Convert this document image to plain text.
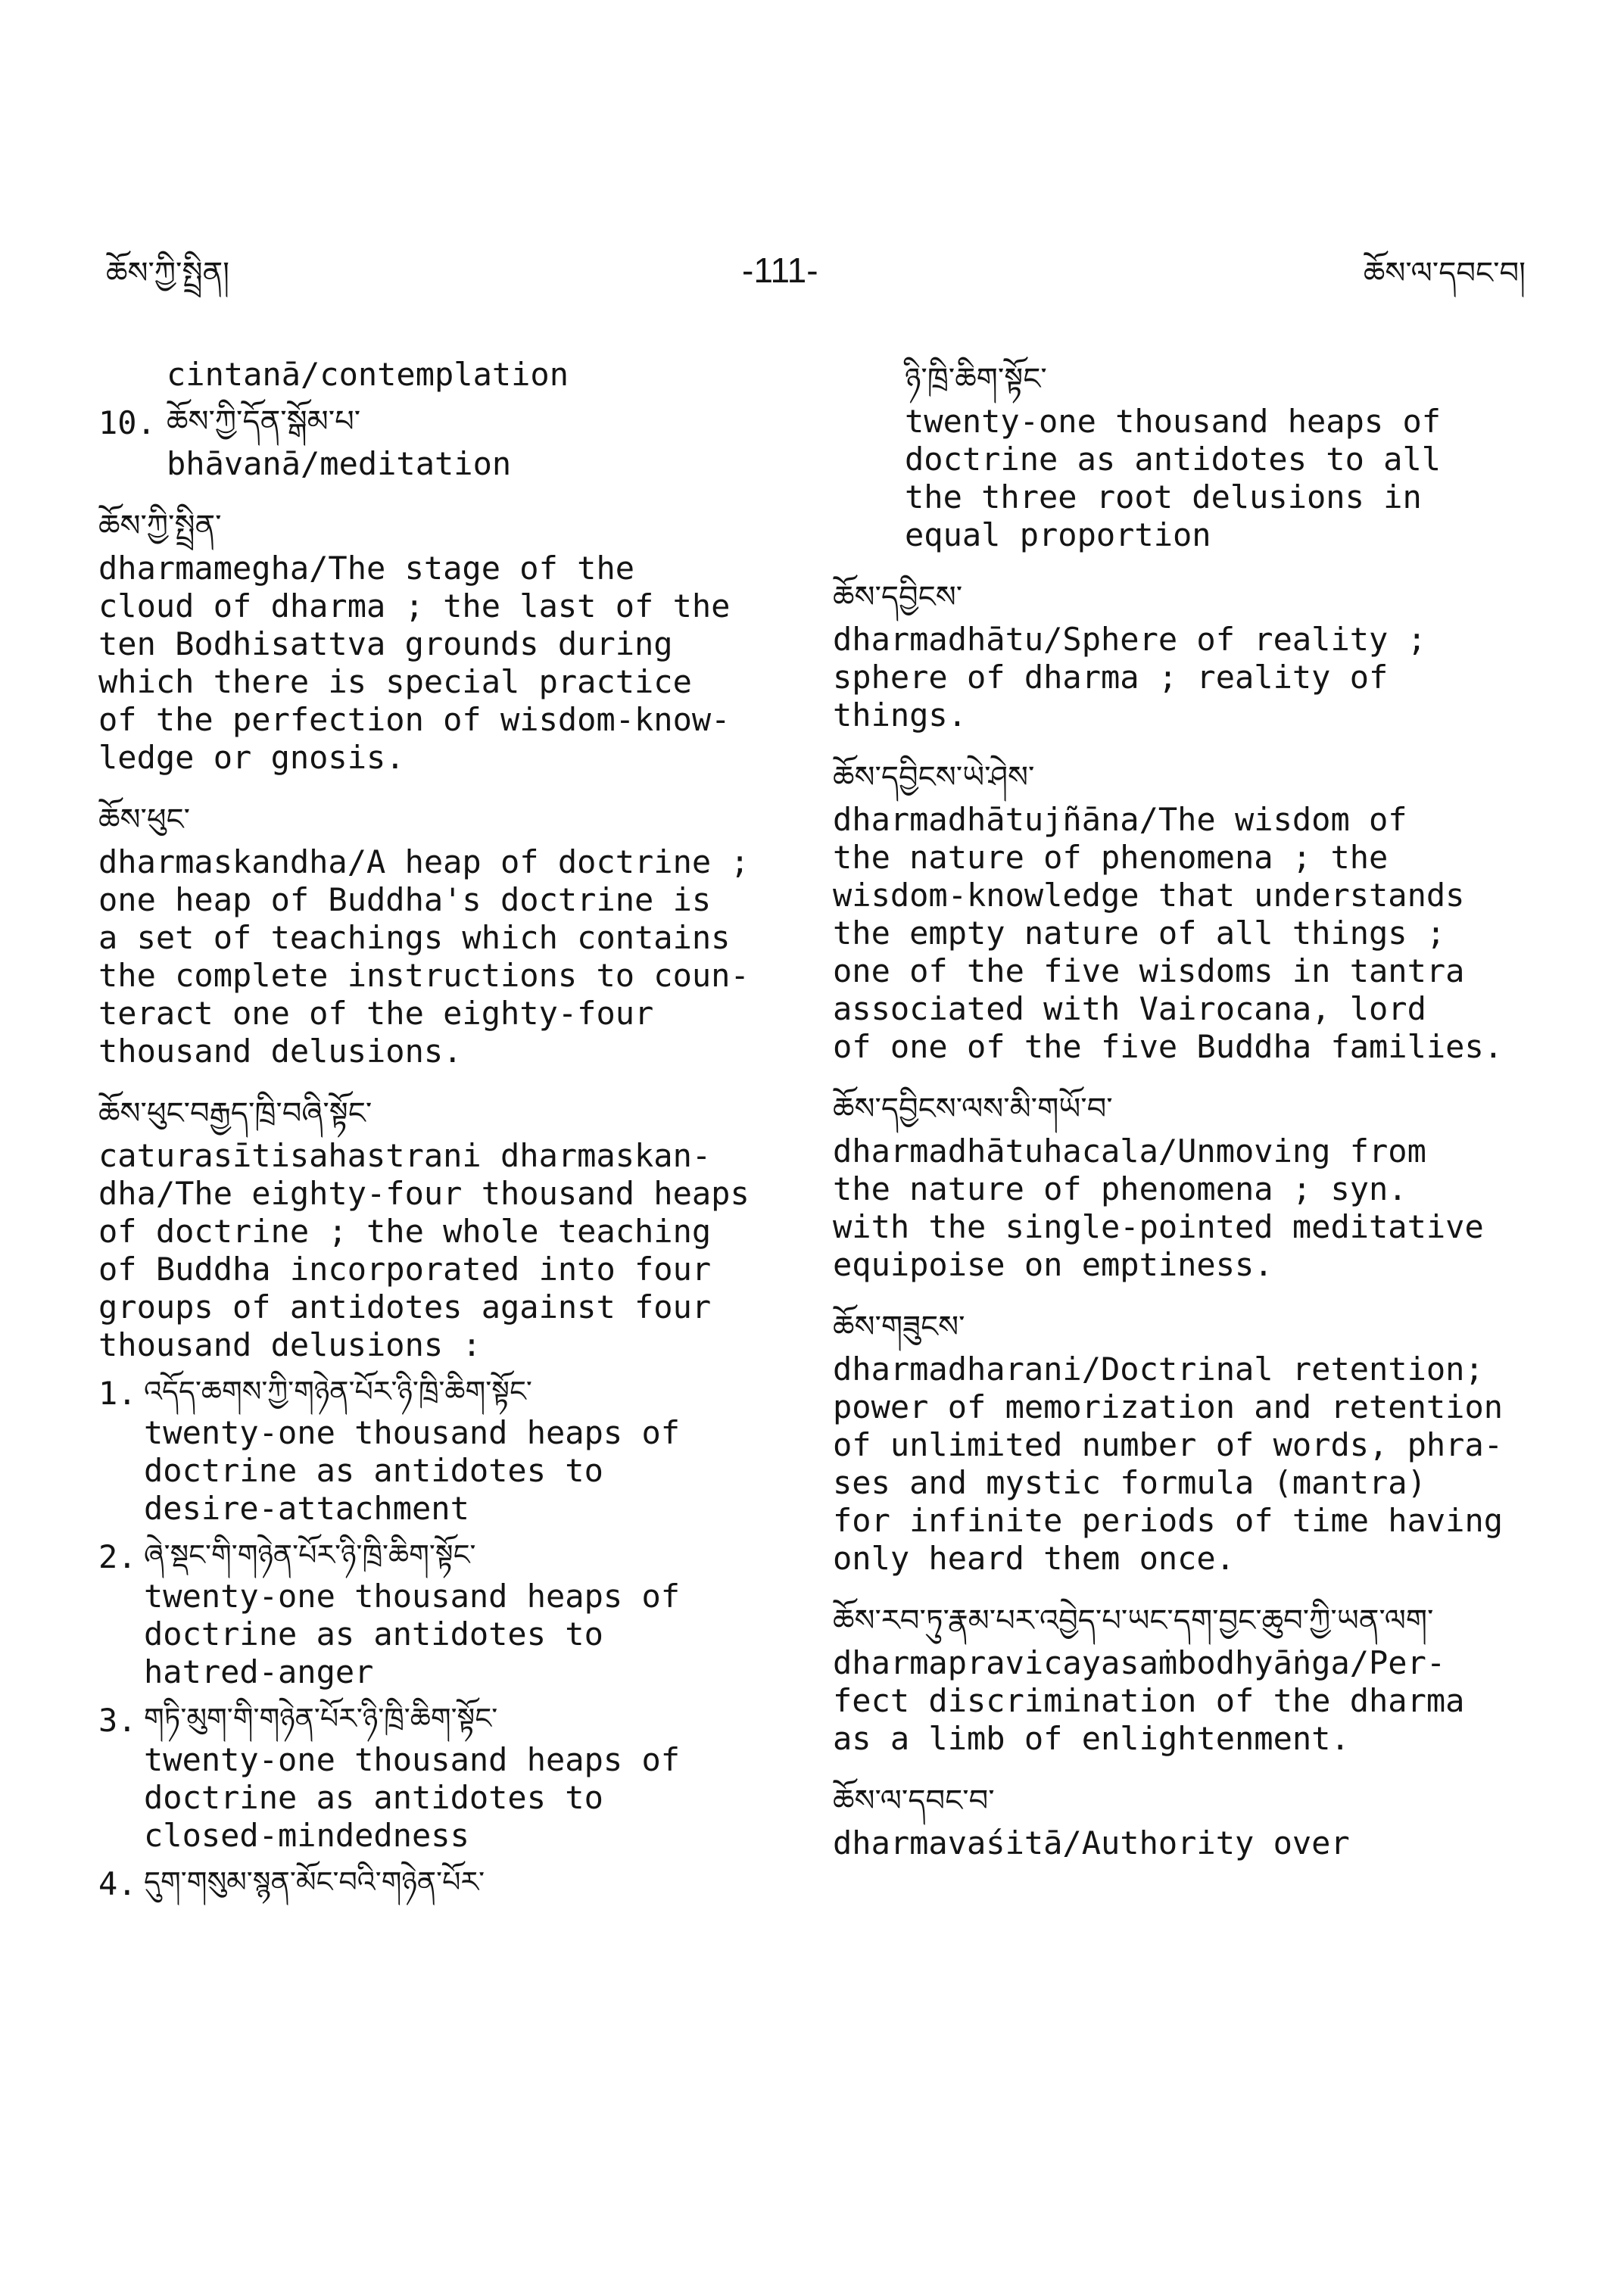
ཆོས་ཀྱི་སྤྲིན།	-111-	ཆོས་ལ་དབང་བ།
cintanā/contemplation
10. ཆོས་ཀྱི་དོན་སྒོམ་པ་
bhāvanā/meditation
ཆོས་ཀྱི་སྤྲིན་
dharmamegha/The stage of the
cloud of dharma ; the last of the
ten Bodhisattva grounds during
which there is special practice
of the perfection of wisdom-know-
ledge or gnosis.
ཆོས་ཕུང་
dharmaskandha/A heap of doctrine ;
one heap of Buddha's doctrine is
a set of teachings which contains
the complete instructions to coun-
teract one of the eighty-four
thousand delusions.
ཆོས་ཕུང་བརྒྱད་ཁྲི་བཞི་སྟོང་
caturasītisahastrani dharmaskan-
dha/The eighty-four thousand heaps
of doctrine ; the whole teaching
of Buddha incorporated into four
groups of antidotes against four
thousand delusions :
1. འདོད་ཆགས་ཀྱི་གཉེན་པོར་ཉི་ཁྲི་ཆིག་སྟོང་
twenty-one thousand heaps of
doctrine as antidotes to
desire-attachment
2. ཞེ་སྡང་གི་གཉེན་པོར་ཉི་ཁྲི་ཆིག་སྟོང་
twenty-one thousand heaps of
doctrine as antidotes to
hatred-anger
3. གཏི་མུག་གི་གཉེན་པོར་ཉི་ཁྲི་ཆིག་སྟོང་
twenty-one thousand heaps of
doctrine as antidotes to
closed-mindedness
4. དུག་གསུམ་སྙན་མོང་བའི་གཉེན་པོར་
ཉི་ཁྲི་ཆིག་སྟོང་
twenty-one thousand heaps of
doctrine as antidotes to all
the three root delusions in
equal proportion
ཆོས་དབྱིངས་
dharmadhātu/Sphere of reality ;
sphere of dharma ; reality of
things.
ཆོས་དབྱིངས་ཡེ་ཤེས་
dharmadhātujñāna/The wisdom of
the nature of phenomena ; the
wisdom-knowledge that understands
the empty nature of all things ;
one of the five wisdoms in tantra
associated with Vairocana, lord
of one of the five Buddha families.
ཆོས་དབྱིངས་ལས་མི་གཡོ་བ་
dharmadhātuhacala/Unmoving from
the nature of phenomena ; syn.
with the single-pointed meditative
equipoise on emptiness.
ཆོས་གཟུངས་
dharmadharani/Doctrinal retention;
power of memorization and retention
of unlimited number of words, phra-
ses and mystic formula (mantra)
for infinite periods of time having
only heard them once.
ཆོས་རབ་ཏུ་རྣམ་པར་འབྱེད་པ་ཡང་དག་བྱང་ཆུབ་ཀྱི་ཡན་ལག་
dharmapravicayasaṁbodhyāṅga/Per-
fect discrimination of the dharma
as a limb of enlightenment.
ཆོས་ལ་དབང་བ་
dharmavaśitā/Authority over
